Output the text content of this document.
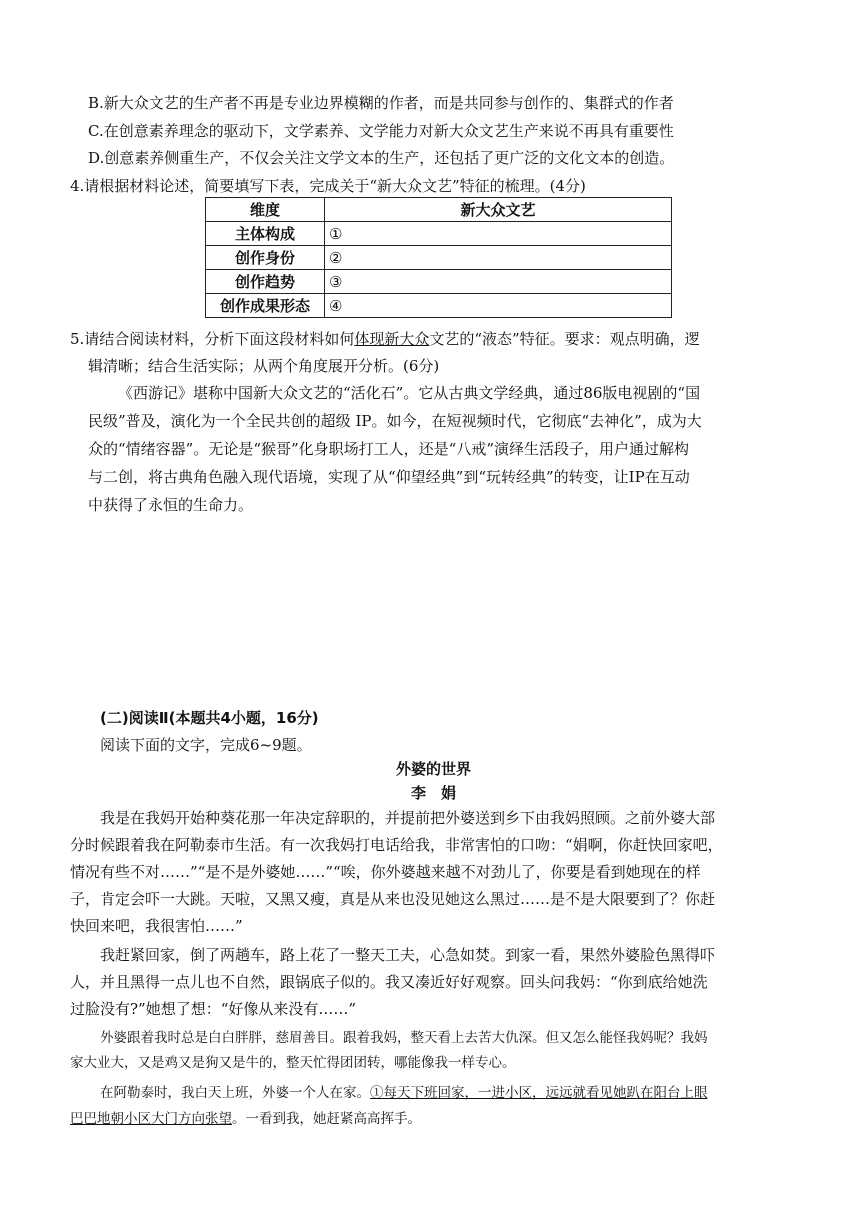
B.新大众文艺的生产者不再是专业边界模糊的作者，而是共同参与创作的、集群式的作者
C.在创意素养理念的驱动下，文学素养、文学能力对新大众文艺生产来说不再具有重要性
D.创意素养侧重生产，不仅会关注文学文本的生产，还包括了更广泛的文化文本的创造。
4.请根据材料论述，简要填写下表，完成关于“新大众文艺”特征的梳理。(4分)
维度	新大众文艺
主体构成	①
创作身份	②
创作趋势	③
创作成果形态	④
5.请结合阅读材料，分析下面这段材料如何体现新大众文艺的“液态”特征。要求：观点明确，逻
辑清晰；结合生活实际；从两个角度展开分析。(6分)
《西游记》堪称中国新大众文艺的“活化石”。它从古典文学经典，通过86版电视剧的“国
民级”普及，演化为一个全民共创的超级 IP。如今，在短视频时代，它彻底“去神化”，成为大
众的“情绪容器”。无论是“猴哥”化身职场打工人，还是“八戒”演绎生活段子，用户通过解构
与二创，将古典角色融入现代语境，实现了从“仰望经典”到“玩转经典”的转变，让IP在互动
中获得了永恒的生命力。
(二)阅读Ⅱ(本题共4小题，16分)
阅读下面的文字，完成6~9题。
外婆的世界
李　娟
我是在我妈开始种葵花那一年决定辞职的，并提前把外婆送到乡下由我妈照顾。之前外婆大部
分时候跟着我在阿勒泰市生活。有一次我妈打电话给我，非常害怕的口吻：“娟啊，你赶快回家吧，
情况有些不对……”“是不是外婆她……”“唉，你外婆越来越不对劲儿了，你要是看到她现在的样
子，肯定会吓一大跳。天啦，又黑又瘦，真是从来也没见她这么黑过……是不是大限要到了？你赶
快回来吧，我很害怕……”
我赶紧回家，倒了两趟车，路上花了一整天工夫，心急如焚。到家一看，果然外婆脸色黑得吓
人，并且黑得一点儿也不自然，跟锅底子似的。我又凑近好好观察。回头问我妈：“你到底给她洗
过脸没有?”她想了想：“好像从来没有……”
外婆跟着我时总是白白胖胖，慈眉善目。跟着我妈，整天看上去苦大仇深。但又怎么能怪我妈呢？我妈
家大业大，又是鸡又是狗又是牛的，整天忙得团团转，哪能像我一样专心。
在阿勒泰时，我白天上班，外婆一个人在家。①每天下班回家，一进小区，远远就看见她趴在阳台上眼
巴巴地朝小区大门方向张望。一看到我，她赶紧高高挥手。
